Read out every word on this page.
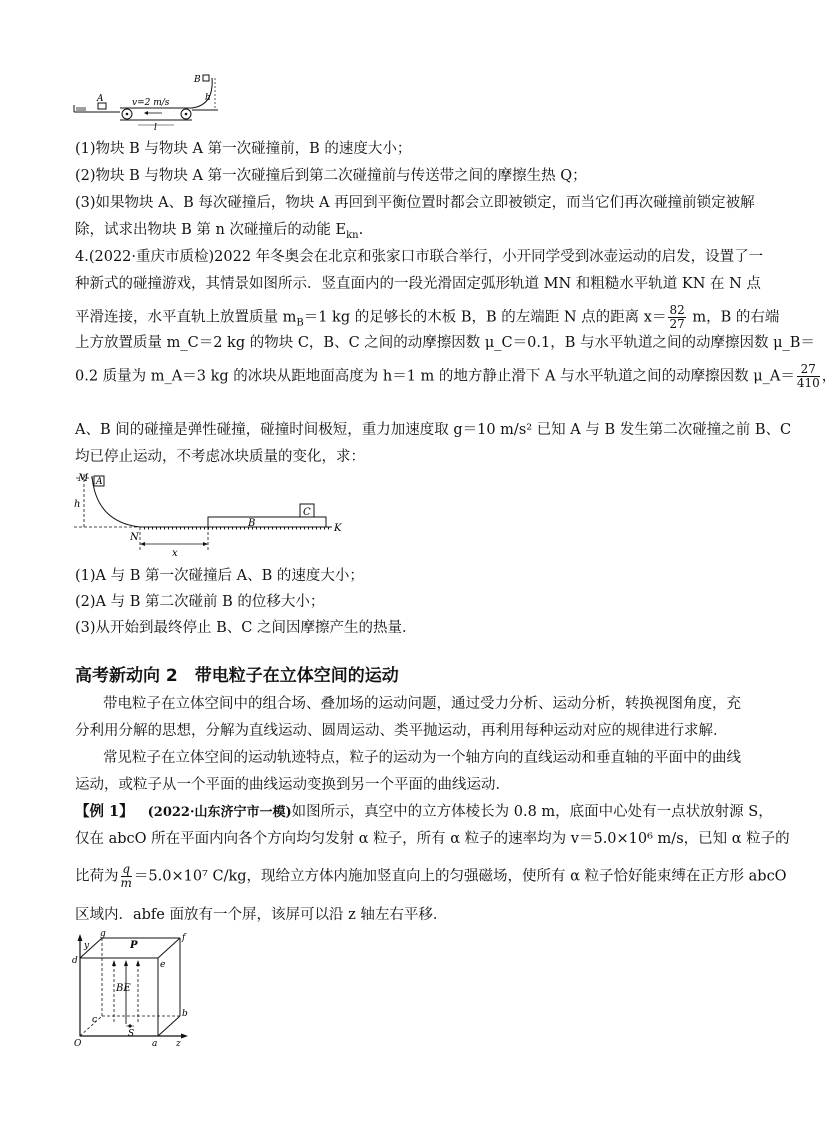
A	v=2 m/s
l
B
h
(1)物块 B 与物块 A 第一次碰撞前，B 的速度大小；
(2)物块 B 与物块 A 第一次碰撞后到第二次碰撞前与传送带之间的摩擦生热 Q；
(3)如果物块 A、B 每次碰撞后，物块 A 再回到平衡位置时都会立即被锁定，而当它们再次碰撞前锁定被解
除，试求出物块 B 第 n 次碰撞后的动能 $E_{kn}$.
4.(2022·重庆市质检)2022 年冬奥会在北京和张家口市联合举行，小开同学受到冰壶运动的启发，设置了一
种新式的碰撞游戏，其情景如图所示．竖直面内的一段光滑固定弧形轨道 MN 和粗糙水平轨道 KN 在 N 点
平滑连接，水平直轨上放置质量 $m_B=1$ kg 的足够长的木板 B，B 的左端距 N 点的距离 $x= \frac{82}{27}$ m，B 的右端
上方放置质量 m_C＝2 kg 的物块 C，B、C 之间的动摩擦因数 μ_C＝0.1，B 与水平轨道之间的动摩擦因数 μ_B＝
0.2 质量为 m_A＝3 kg 的冰块从距地面高度为 h＝1 m 的地方静止滑下 A 与水平轨道之间的动摩擦因数 μ_A＝ $\frac{27}{410}$ ，
A、B 间的碰撞是弹性碰撞，碰撞时间极短，重力加速度取 g＝10 m/s² 已知 A 与 B 发生第二次碰撞之前 B、C
均已停止运动，不考虑冰块质量的变化，求：
M A
h
N
x
B
C
K
(1)A 与 B 第一次碰撞后 A、B 的速度大小；
(2)A 与 B 第二次碰前 B 的位移大小；
(3)从开始到最终停止 B、C 之间因摩擦产生的热量．
高考新动向 2　带电粒子在立体空间的运动
带电粒子在立体空间中的组合场、叠加场的运动问题，通过受力分析、运动分析，转换视图角度，充
分利用分解的思想，分解为直线运动、圆周运动、类平抛运动，再利用每种运动对应的规律进行求解．
常见粒子在立体空间的运动轨迹特点，粒子的运动为一个轴方向的直线运动和垂直轴的平面中的曲线
运动，或粒子从一个平面的曲线运动变换到另一个平面的曲线运动．
【例 1】 (2022·山东济宁市一模)如图所示，真空中的立方体棱长为 0.8 m，底面中心处有一点状放射源 S，
仅在 abcO 所在平面内向各个方向均匀发射 α 粒子，所有 α 粒子的速率均为 v＝5.0×10⁶ m/s，已知 α 粒子的
比荷为 $\frac{q}{m} =5.0\times 10^7$ C/kg，现给立方体内施加竖直向上的匀强磁场，使所有 α 粒子恰好能束缚在正方形 abcO
区域内．abfe 面放有一个屏，该屏可以沿 z 轴左右平移．
y
g
P
f
d	e
BE
c
b
S
O	a z
